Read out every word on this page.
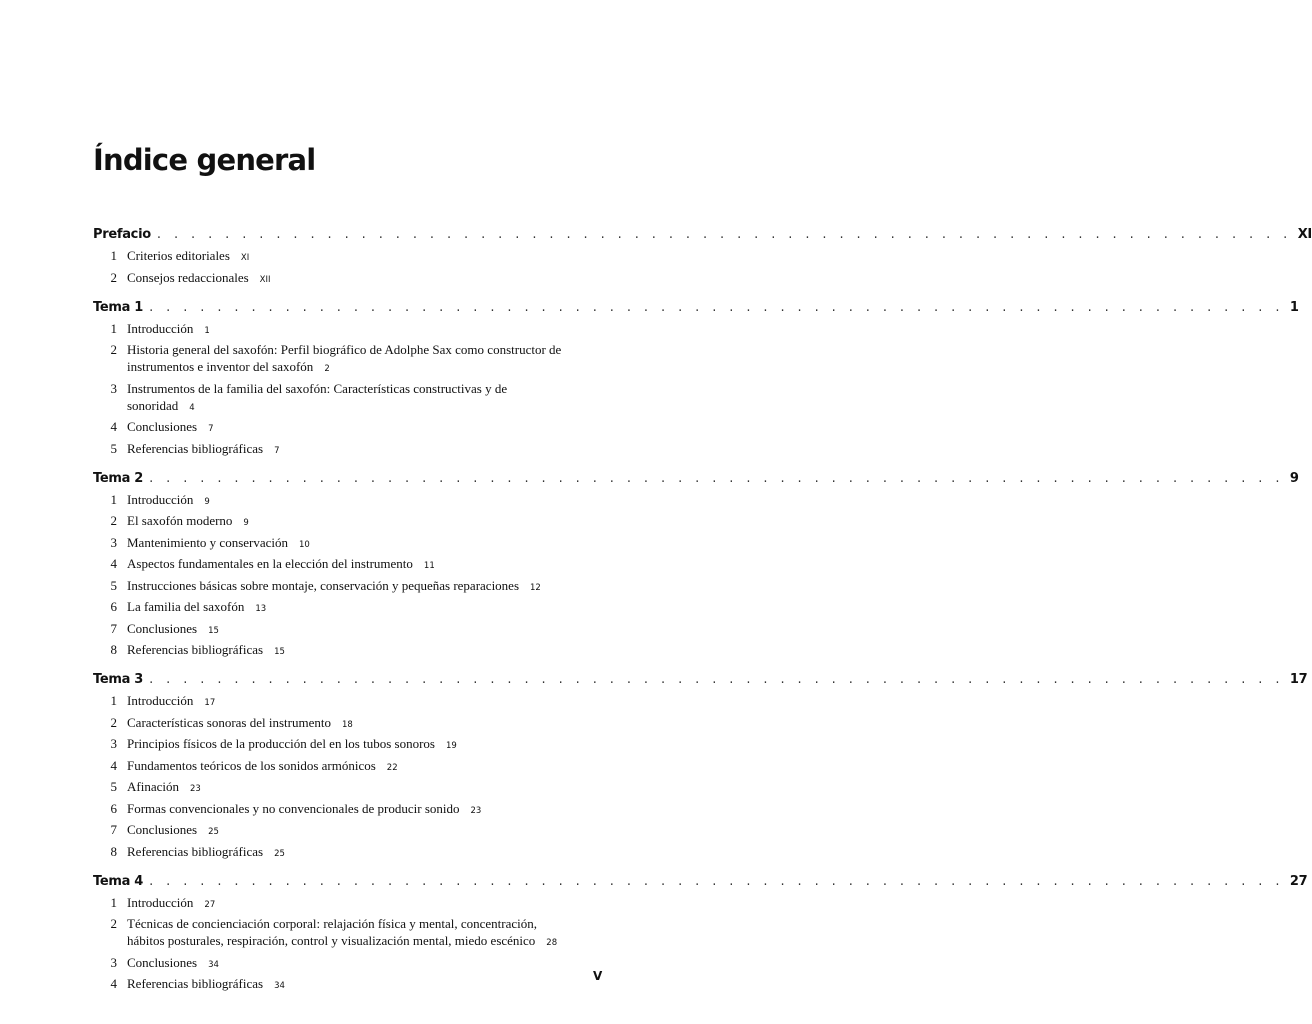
Índice general
Prefacio . . . . . . . . . . . . . . . . . . . . . . . . . . . . . . . . . . . . . . . . . . . . . . . . . . . . . . . . . . . . . . . . . . . XI
1 Criterios editoriales XI
2 Consejos redaccionales XII
Tema 1 . . . . . . . . . . . . . . . . . . . . . . . . . . . . . . . . . . . . . . . . . . . . . . . . . . . . . . . . . . . . . . . . . . . 1
1 Introducción 1
2 Historia general del saxofón: Perfil biográfico de Adolphe Sax como constructor de instrumentos e inventor del saxofón 2
3 Instrumentos de la familia del saxofón: Características constructivas y de sonoridad 4
4 Conclusiones 7
5 Referencias bibliográficas 7
Tema 2 . . . . . . . . . . . . . . . . . . . . . . . . . . . . . . . . . . . . . . . . . . . . . . . . . . . . . . . . . . . . . . . . . . . 9
1 Introducción 9
2 El saxofón moderno 9
3 Mantenimiento y conservación 10
4 Aspectos fundamentales en la elección del instrumento 11
5 Instrucciones básicas sobre montaje, conservación y pequeñas reparaciones 12
6 La familia del saxofón 13
7 Conclusiones 15
8 Referencias bibliográficas 15
Tema 3 . . . . . . . . . . . . . . . . . . . . . . . . . . . . . . . . . . . . . . . . . . . . . . . . . . . . . . . . . . . . . . . . . . . 17
1 Introducción 17
2 Características sonoras del instrumento 18
3 Principios físicos de la producción del en los tubos sonoros 19
4 Fundamentos teóricos de los sonidos armónicos 22
5 Afinación 23
6 Formas convencionales y no convencionales de producir sonido 23
7 Conclusiones 25
8 Referencias bibliográficas 25
Tema 4 . . . . . . . . . . . . . . . . . . . . . . . . . . . . . . . . . . . . . . . . . . . . . . . . . . . . . . . . . . . . . . . . . . . 27
1 Introducción 27
2 Técnicas de concienciación corporal: relajación física y mental, concentración, hábitos posturales, respiración, control y visualización mental, miedo escénico 28
3 Conclusiones 34
4 Referencias bibliográficas 34
V
